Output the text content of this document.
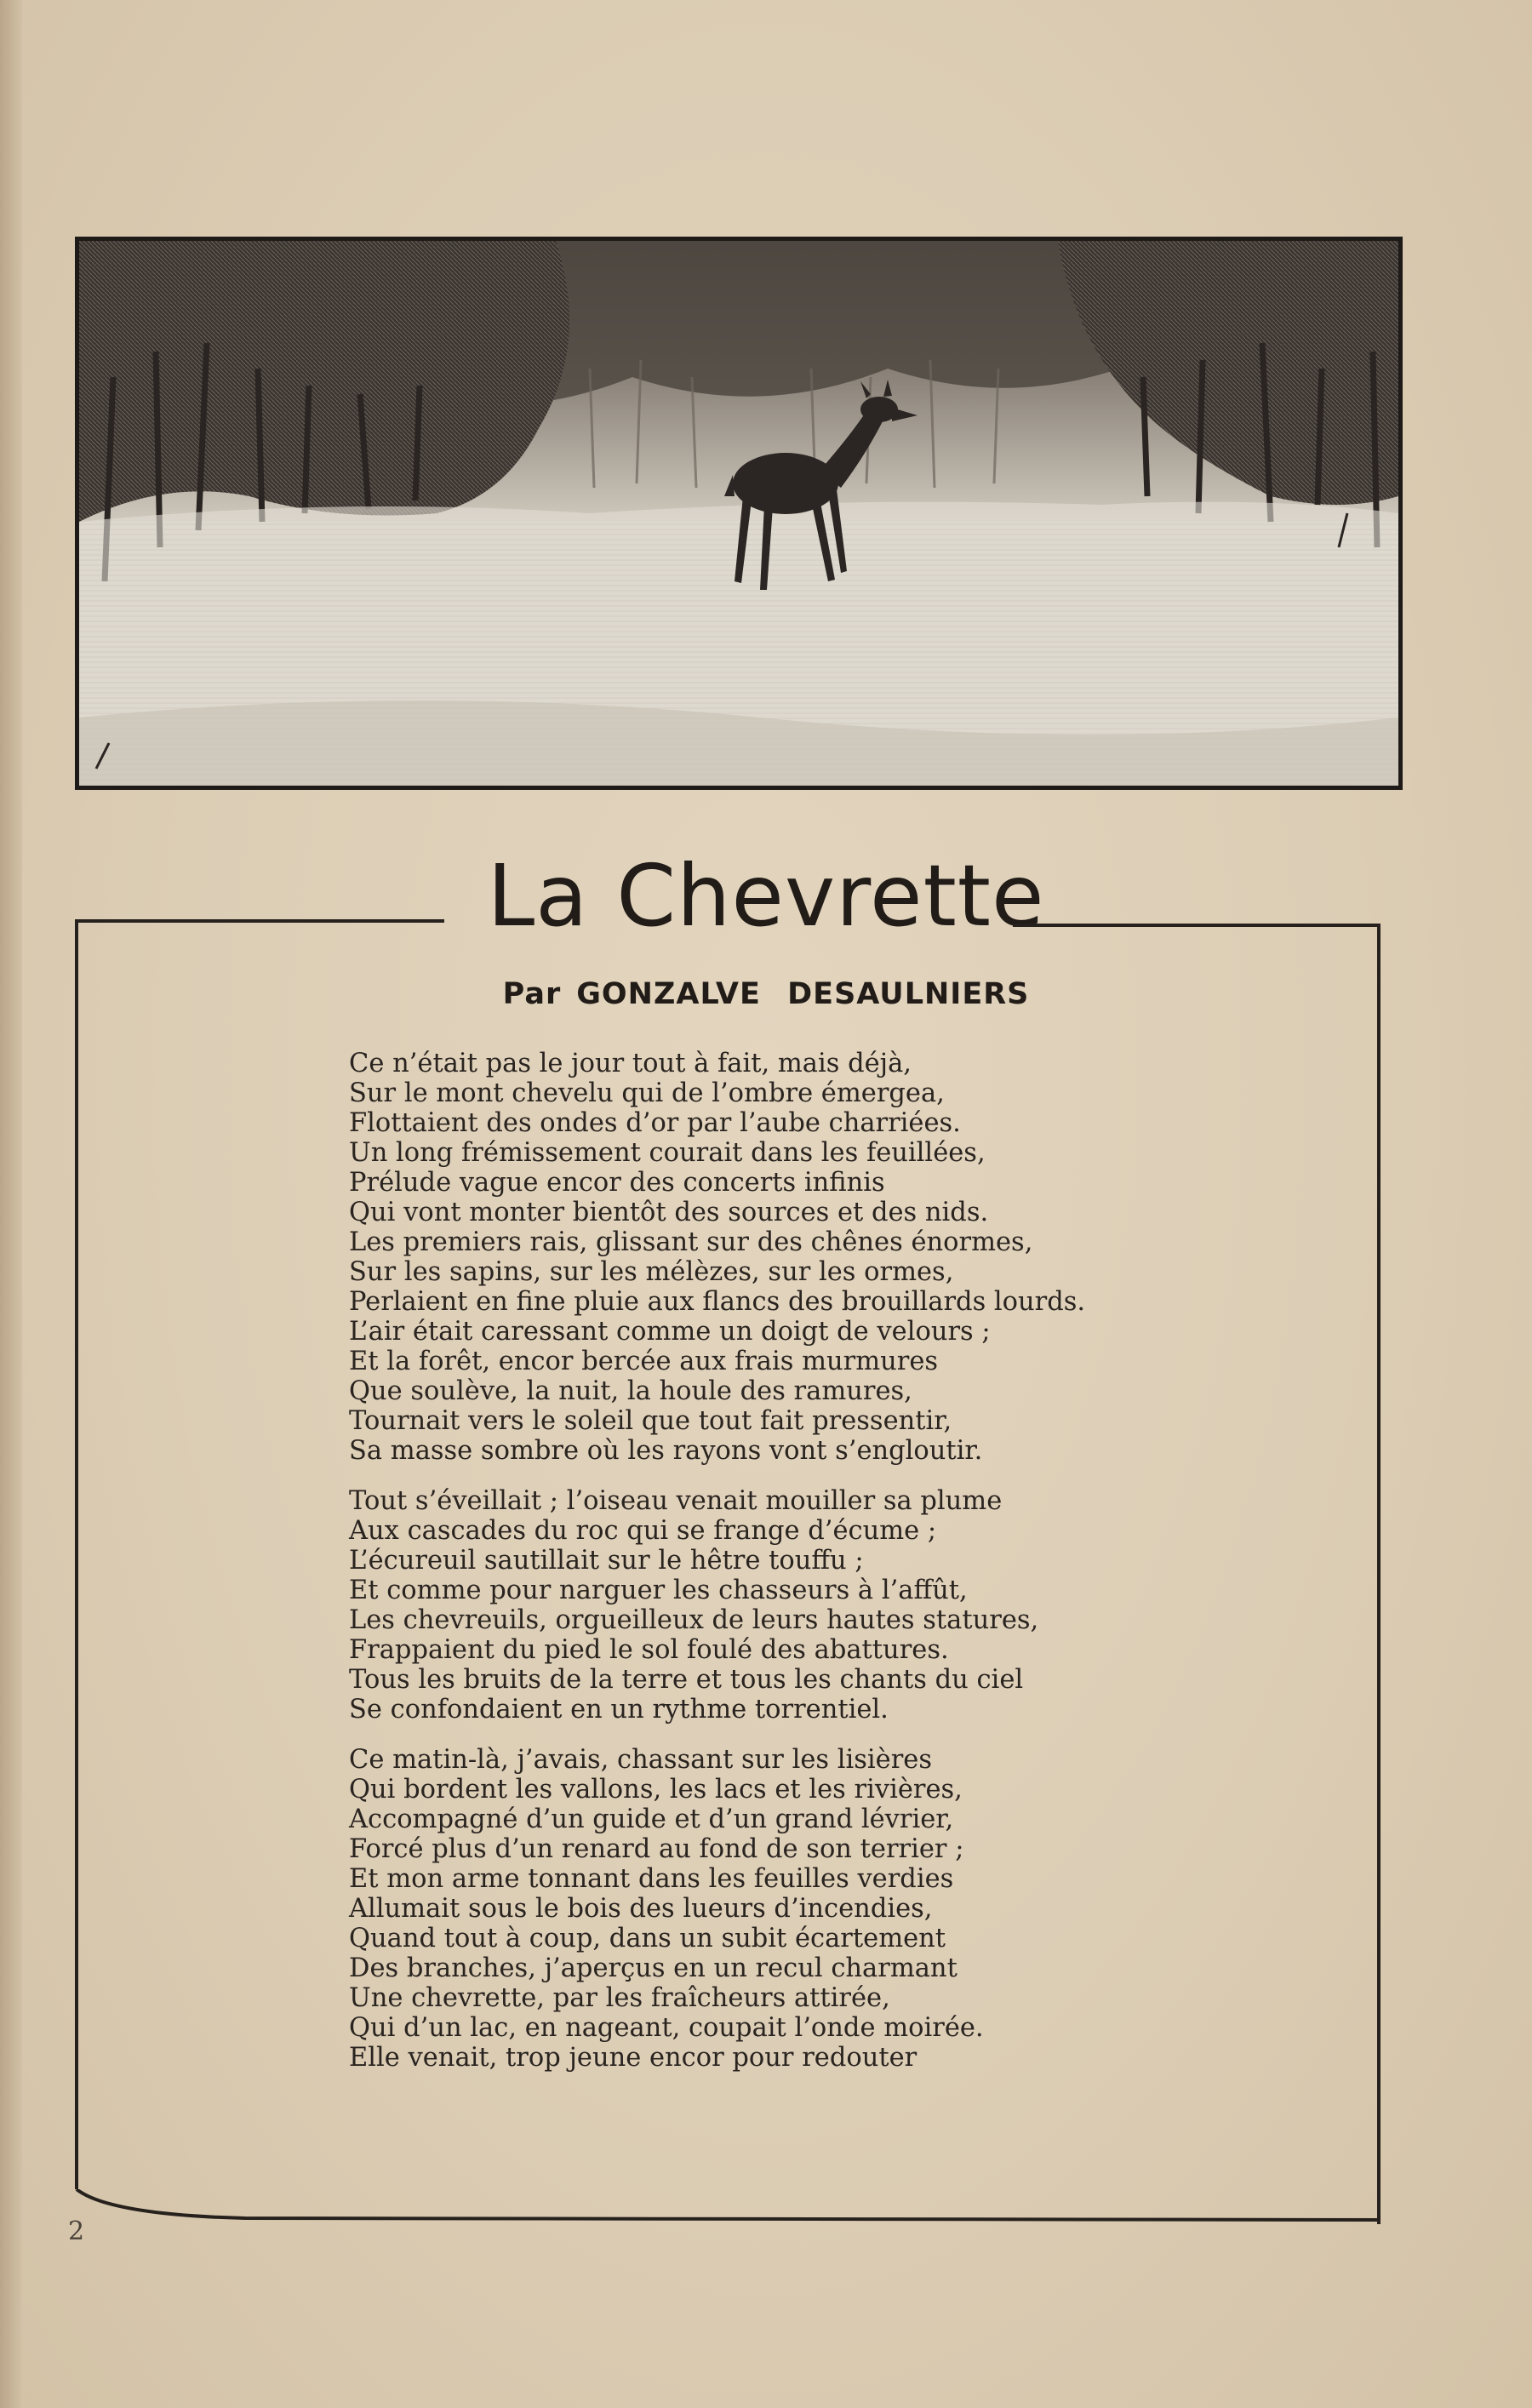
La Chevrette
Par GONZALVE DESAULNIERS
Ce n’était pas le jour tout à fait, mais déjà,
Sur le mont chevelu qui de l’ombre émergea,
Flottaient des ondes d’or par l’aube charriées.
Un long frémissement courait dans les feuillées,
Prélude vague encor des concerts infinis
Qui vont monter bientôt des sources et des nids.
Les premiers rais, glissant sur des chênes énormes,
Sur les sapins, sur les mélèzes, sur les ormes,
Perlaient en fine pluie aux flancs des brouillards lourds.
L’air était caressant comme un doigt de velours ;
Et la forêt, encor bercée aux frais murmures
Que soulève, la nuit, la houle des ramures,
Tournait vers le soleil que tout fait pressentir,
Sa masse sombre où les rayons vont s’engloutir.
Tout s’éveillait ; l’oiseau venait mouiller sa plume
Aux cascades du roc qui se frange d’écume ;
L’écureuil sautillait sur le hêtre touffu ;
Et comme pour narguer les chasseurs à l’affût,
Les chevreuils, orgueilleux de leurs hautes statures,
Frappaient du pied le sol foulé des abattures.
Tous les bruits de la terre et tous les chants du ciel
Se confondaient en un rythme torrentiel.
Ce matin-là, j’avais, chassant sur les lisières
Qui bordent les vallons, les lacs et les rivières,
Accompagné d’un guide et d’un grand lévrier,
Forcé plus d’un renard au fond de son terrier ;
Et mon arme tonnant dans les feuilles verdies
Allumait sous le bois des lueurs d’incendies,
Quand tout à coup, dans un subit écartement
Des branches, j’aperçus en un recul charmant
Une chevrette, par les fraîcheurs attirée,
Qui d’un lac, en nageant, coupait l’onde moirée.
Elle venait, trop jeune encor pour redouter
2
